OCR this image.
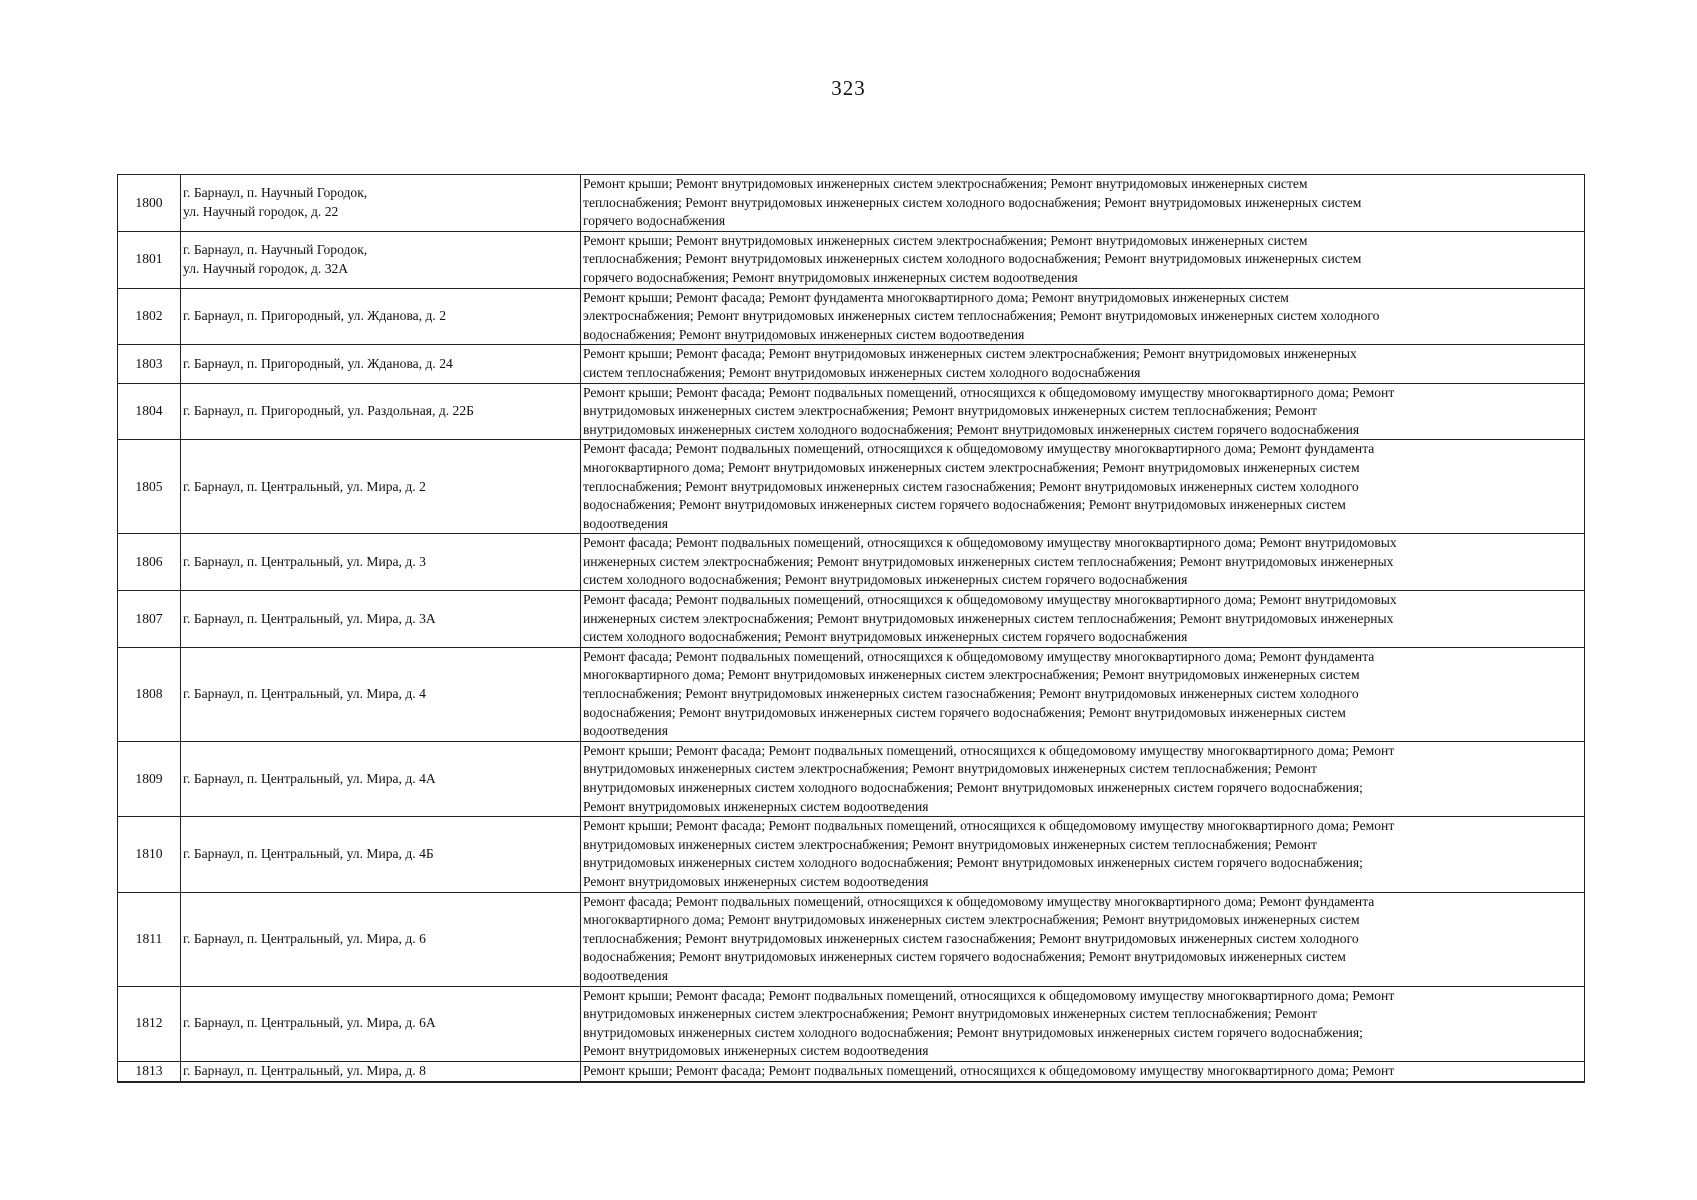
323
1800	г. Барнаул, п. Научный Городок,
ул. Научный городок, д. 22	Ремонт крыши; Ремонт внутридомовых инженерных систем электроснабжения; Ремонт внутридомовых инженерных систем
теплоснабжения; Ремонт внутридомовых инженерных систем холодного водоснабжения; Ремонт внутридомовых инженерных систем
горячего водоснабжения

1801	г. Барнаул, п. Научный Городок,
ул. Научный городок, д. 32А	Ремонт крыши; Ремонт внутридомовых инженерных систем электроснабжения; Ремонт внутридомовых инженерных систем
теплоснабжения; Ремонт внутридомовых инженерных систем холодного водоснабжения; Ремонт внутридомовых инженерных систем
горячего водоснабжения; Ремонт внутридомовых инженерных систем водоотведения

1802	г. Барнаул, п. Пригородный, ул. Жданова, д. 2	Ремонт крыши; Ремонт фасада; Ремонт фундамента многоквартирного дома; Ремонт внутридомовых инженерных систем
электроснабжения; Ремонт внутридомовых инженерных систем теплоснабжения; Ремонт внутридомовых инженерных систем холодного
водоснабжения; Ремонт внутридомовых инженерных систем водоотведения

1803	г. Барнаул, п. Пригородный, ул. Жданова, д. 24	Ремонт крыши; Ремонт фасада; Ремонт внутридомовых инженерных систем электроснабжения; Ремонт внутридомовых инженерных
систем теплоснабжения; Ремонт внутридомовых инженерных систем холодного водоснабжения

1804	г. Барнаул, п. Пригородный, ул. Раздольная, д. 22Б	Ремонт крыши; Ремонт фасада; Ремонт подвальных помещений, относящихся к общедомовому имуществу многоквартирного дома; Ремонт
внутридомовых инженерных систем электроснабжения; Ремонт внутридомовых инженерных систем теплоснабжения; Ремонт
внутридомовых инженерных систем холодного водоснабжения; Ремонт внутридомовых инженерных систем горячего водоснабжения

1805	г. Барнаул, п. Центральный, ул. Мира, д. 2	Ремонт фасада; Ремонт подвальных помещений, относящихся к общедомовому имуществу многоквартирного дома; Ремонт фундамента
многоквартирного дома; Ремонт внутридомовых инженерных систем электроснабжения; Ремонт внутридомовых инженерных систем
теплоснабжения; Ремонт внутридомовых инженерных систем газоснабжения; Ремонт внутридомовых инженерных систем холодного
водоснабжения; Ремонт внутридомовых инженерных систем горячего водоснабжения; Ремонт внутридомовых инженерных систем
водоотведения

1806	г. Барнаул, п. Центральный, ул. Мира, д. 3	Ремонт фасада; Ремонт подвальных помещений, относящихся к общедомовому имуществу многоквартирного дома; Ремонт внутридомовых
инженерных систем электроснабжения; Ремонт внутридомовых инженерных систем теплоснабжения; Ремонт внутридомовых инженерных
систем холодного водоснабжения; Ремонт внутридомовых инженерных систем горячего водоснабжения

1807	г. Барнаул, п. Центральный, ул. Мира, д. 3А	Ремонт фасада; Ремонт подвальных помещений, относящихся к общедомовому имуществу многоквартирного дома; Ремонт внутридомовых
инженерных систем электроснабжения; Ремонт внутридомовых инженерных систем теплоснабжения; Ремонт внутридомовых инженерных
систем холодного водоснабжения; Ремонт внутридомовых инженерных систем горячего водоснабжения

1808	г. Барнаул, п. Центральный, ул. Мира, д. 4	Ремонт фасада; Ремонт подвальных помещений, относящихся к общедомовому имуществу многоквартирного дома; Ремонт фундамента
многоквартирного дома; Ремонт внутридомовых инженерных систем электроснабжения; Ремонт внутридомовых инженерных систем
теплоснабжения; Ремонт внутридомовых инженерных систем газоснабжения; Ремонт внутридомовых инженерных систем холодного
водоснабжения; Ремонт внутридомовых инженерных систем горячего водоснабжения; Ремонт внутридомовых инженерных систем
водоотведения

1809	г. Барнаул, п. Центральный, ул. Мира, д. 4А	Ремонт крыши; Ремонт фасада; Ремонт подвальных помещений, относящихся к общедомовому имуществу многоквартирного дома; Ремонт
внутридомовых инженерных систем электроснабжения; Ремонт внутридомовых инженерных систем теплоснабжения; Ремонт
внутридомовых инженерных систем холодного водоснабжения; Ремонт внутридомовых инженерных систем горячего водоснабжения;
Ремонт внутридомовых инженерных систем водоотведения

1810	г. Барнаул, п. Центральный, ул. Мира, д. 4Б	Ремонт крыши; Ремонт фасада; Ремонт подвальных помещений, относящихся к общедомовому имуществу многоквартирного дома; Ремонт
внутридомовых инженерных систем электроснабжения; Ремонт внутридомовых инженерных систем теплоснабжения; Ремонт
внутридомовых инженерных систем холодного водоснабжения; Ремонт внутридомовых инженерных систем горячего водоснабжения;
Ремонт внутридомовых инженерных систем водоотведения

1811	г. Барнаул, п. Центральный, ул. Мира, д. 6	Ремонт фасада; Ремонт подвальных помещений, относящихся к общедомовому имуществу многоквартирного дома; Ремонт фундамента
многоквартирного дома; Ремонт внутридомовых инженерных систем электроснабжения; Ремонт внутридомовых инженерных систем
теплоснабжения; Ремонт внутридомовых инженерных систем газоснабжения; Ремонт внутридомовых инженерных систем холодного
водоснабжения; Ремонт внутридомовых инженерных систем горячего водоснабжения; Ремонт внутридомовых инженерных систем
водоотведения

1812	г. Барнаул, п. Центральный, ул. Мира, д. 6А	Ремонт крыши; Ремонт фасада; Ремонт подвальных помещений, относящихся к общедомовому имуществу многоквартирного дома; Ремонт
внутридомовых инженерных систем электроснабжения; Ремонт внутридомовых инженерных систем теплоснабжения; Ремонт
внутридомовых инженерных систем холодного водоснабжения; Ремонт внутридомовых инженерных систем горячего водоснабжения;
Ремонт внутридомовых инженерных систем водоотведения

1813	г. Барнаул, п. Центральный, ул. Мира, д. 8	Ремонт крыши; Ремонт фасада; Ремонт подвальных помещений, относящихся к общедомовому имуществу многоквартирного дома; Ремонт
